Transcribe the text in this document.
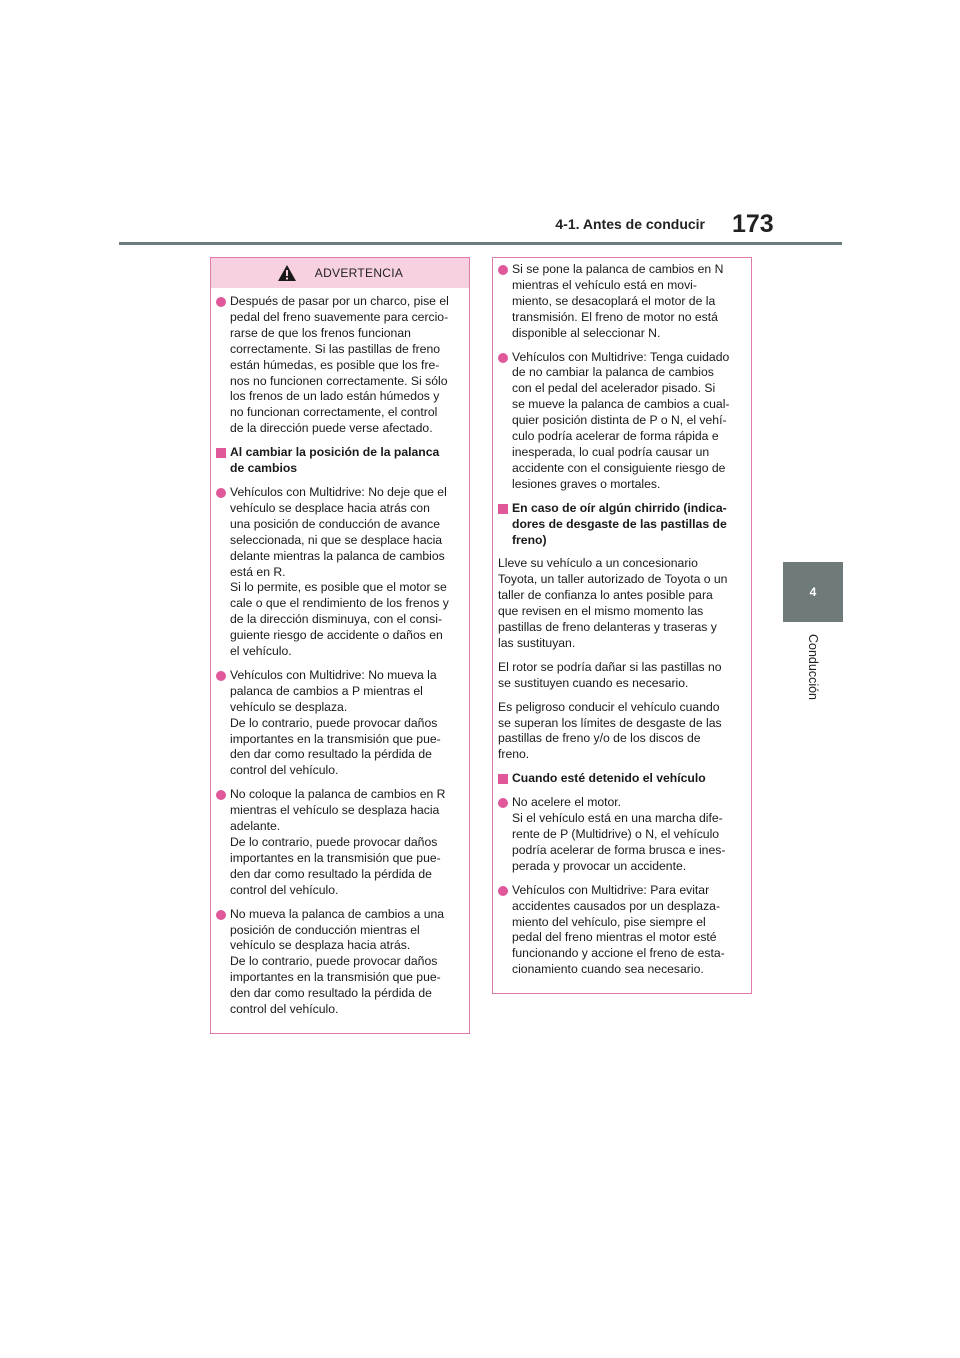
4-1. Antes de conducir 173
4
Conducción
ADVERTENCIA
Después de pasar por un charco, pise el
pedal del freno suavemente para cercio-
rarse de que los frenos funcionan
correctamente. Si las pastillas de freno
están húmedas, es posible que los fre-
nos no funcionen correctamente. Si sólo
los frenos de un lado están húmedos y
no funcionan correctamente, el control
de la dirección puede verse afectado.
Al cambiar la posición de la palanca
de cambios
Vehículos con Multidrive: No deje que el
vehículo se desplace hacia atrás con
una posición de conducción de avance
seleccionada, ni que se desplace hacia
delante mientras la palanca de cambios
está en R.
Si lo permite, es posible que el motor se
cale o que el rendimiento de los frenos y
de la dirección disminuya, con el consi-
guiente riesgo de accidente o daños en
el vehículo.
Vehículos con Multidrive: No mueva la
palanca de cambios a P mientras el
vehículo se desplaza.
De lo contrario, puede provocar daños
importantes en la transmisión que pue-
den dar como resultado la pérdida de
control del vehículo.
No coloque la palanca de cambios en R
mientras el vehículo se desplaza hacia
adelante.
De lo contrario, puede provocar daños
importantes en la transmisión que pue-
den dar como resultado la pérdida de
control del vehículo.
No mueva la palanca de cambios a una
posición de conducción mientras el
vehículo se desplaza hacia atrás.
De lo contrario, puede provocar daños
importantes en la transmisión que pue-
den dar como resultado la pérdida de
control del vehículo.
Si se pone la palanca de cambios en N
mientras el vehículo está en movi-
miento, se desacoplará el motor de la
transmisión. El freno de motor no está
disponible al seleccionar N.
Vehículos con Multidrive: Tenga cuidado
de no cambiar la palanca de cambios
con el pedal del acelerador pisado. Si
se mueve la palanca de cambios a cual-
quier posición distinta de P o N, el vehí-
culo podría acelerar de forma rápida e
inesperada, lo cual podría causar un
accidente con el consiguiente riesgo de
lesiones graves o mortales.
En caso de oír algún chirrido (indica-
dores de desgaste de las pastillas de
freno)
Lleve su vehículo a un concesionario
Toyota, un taller autorizado de Toyota o un
taller de confianza lo antes posible para
que revisen en el mismo momento las
pastillas de freno delanteras y traseras y
las sustituyan.
El rotor se podría dañar si las pastillas no
se sustituyen cuando es necesario.
Es peligroso conducir el vehículo cuando
se superan los límites de desgaste de las
pastillas de freno y/o de los discos de
freno.
Cuando esté detenido el vehículo
No acelere el motor.
Si el vehículo está en una marcha dife-
rente de P (Multidrive) o N, el vehículo
podría acelerar de forma brusca e ines-
perada y provocar un accidente.
Vehículos con Multidrive: Para evitar
accidentes causados por un desplaza-
miento del vehículo, pise siempre el
pedal del freno mientras el motor esté
funcionando y accione el freno de esta-
cionamiento cuando sea necesario.
